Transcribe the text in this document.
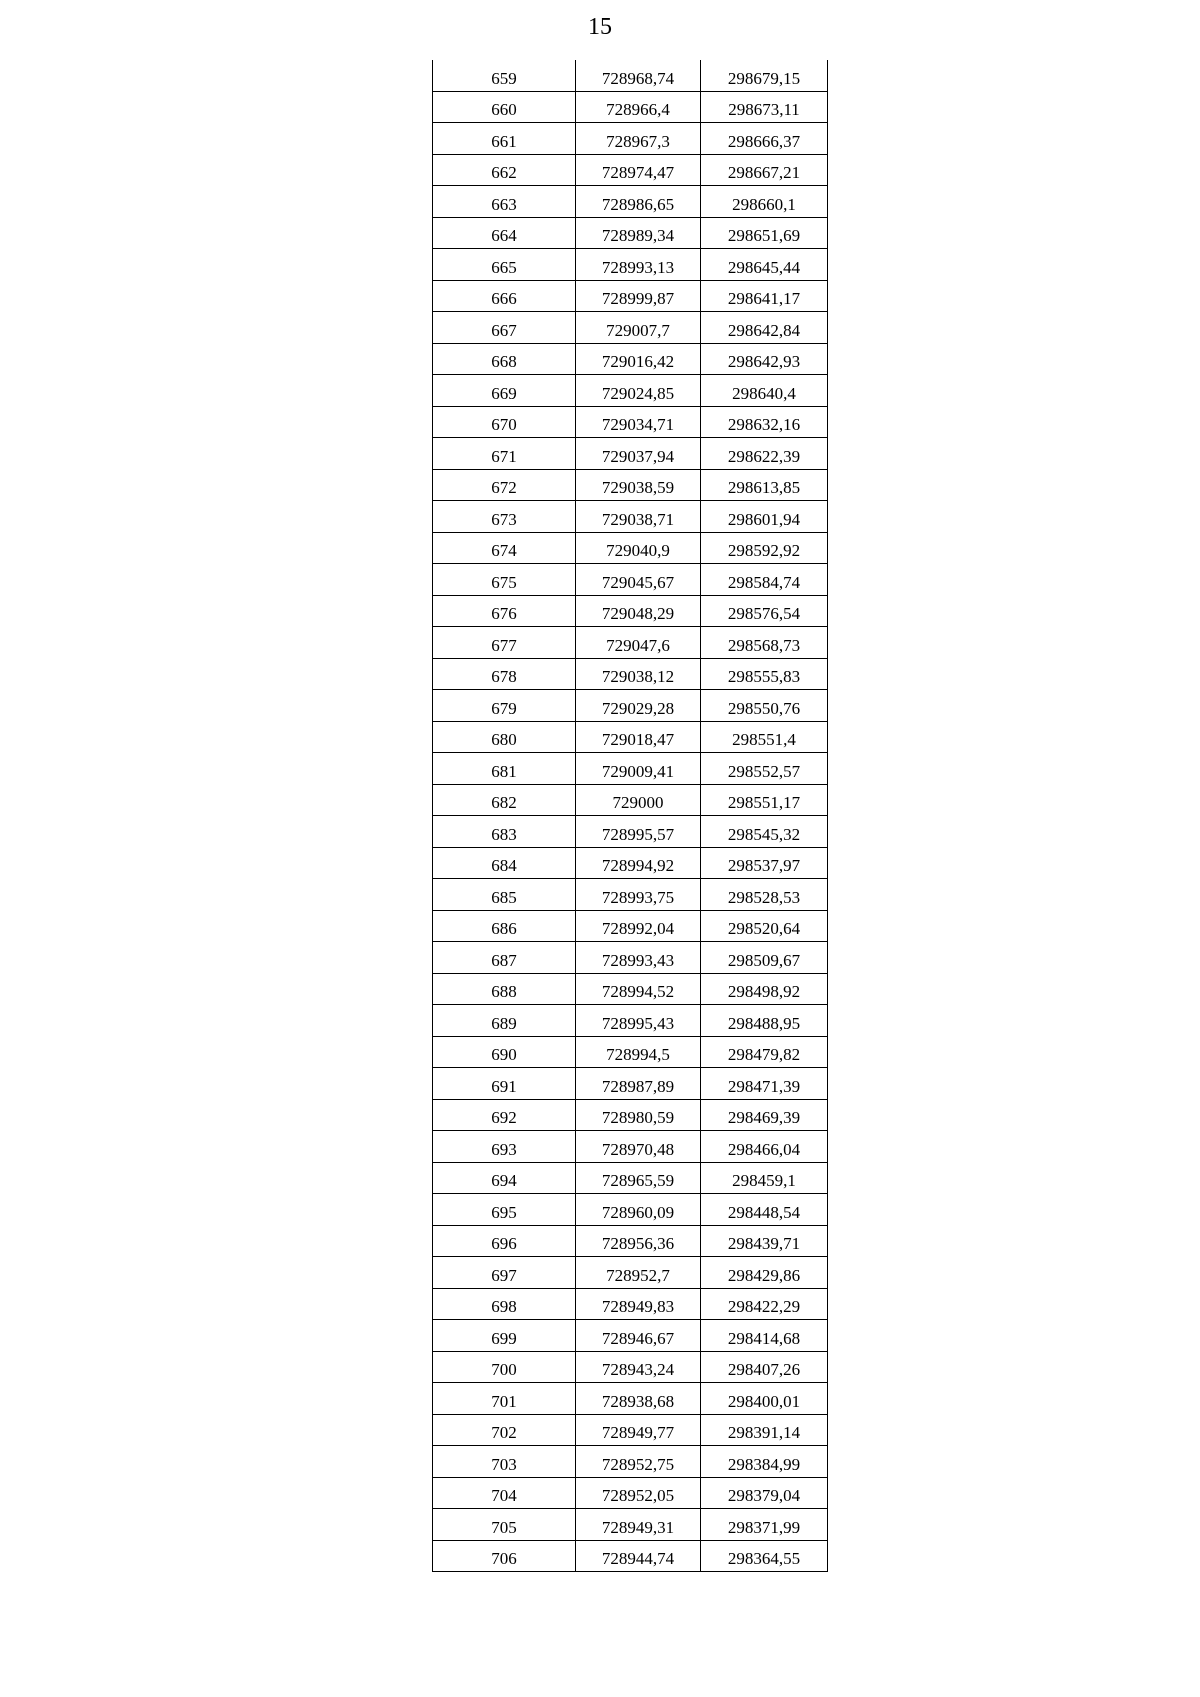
15
659	728968,74	298679,15
660	728966,4	298673,11
661	728967,3	298666,37
662	728974,47	298667,21
663	728986,65	298660,1
664	728989,34	298651,69
665	728993,13	298645,44
666	728999,87	298641,17
667	729007,7	298642,84
668	729016,42	298642,93
669	729024,85	298640,4
670	729034,71	298632,16
671	729037,94	298622,39
672	729038,59	298613,85
673	729038,71	298601,94
674	729040,9	298592,92
675	729045,67	298584,74
676	729048,29	298576,54
677	729047,6	298568,73
678	729038,12	298555,83
679	729029,28	298550,76
680	729018,47	298551,4
681	729009,41	298552,57
682	729000	298551,17
683	728995,57	298545,32
684	728994,92	298537,97
685	728993,75	298528,53
686	728992,04	298520,64
687	728993,43	298509,67
688	728994,52	298498,92
689	728995,43	298488,95
690	728994,5	298479,82
691	728987,89	298471,39
692	728980,59	298469,39
693	728970,48	298466,04
694	728965,59	298459,1
695	728960,09	298448,54
696	728956,36	298439,71
697	728952,7	298429,86
698	728949,83	298422,29
699	728946,67	298414,68
700	728943,24	298407,26
701	728938,68	298400,01
702	728949,77	298391,14
703	728952,75	298384,99
704	728952,05	298379,04
705	728949,31	298371,99
706	728944,74	298364,55
